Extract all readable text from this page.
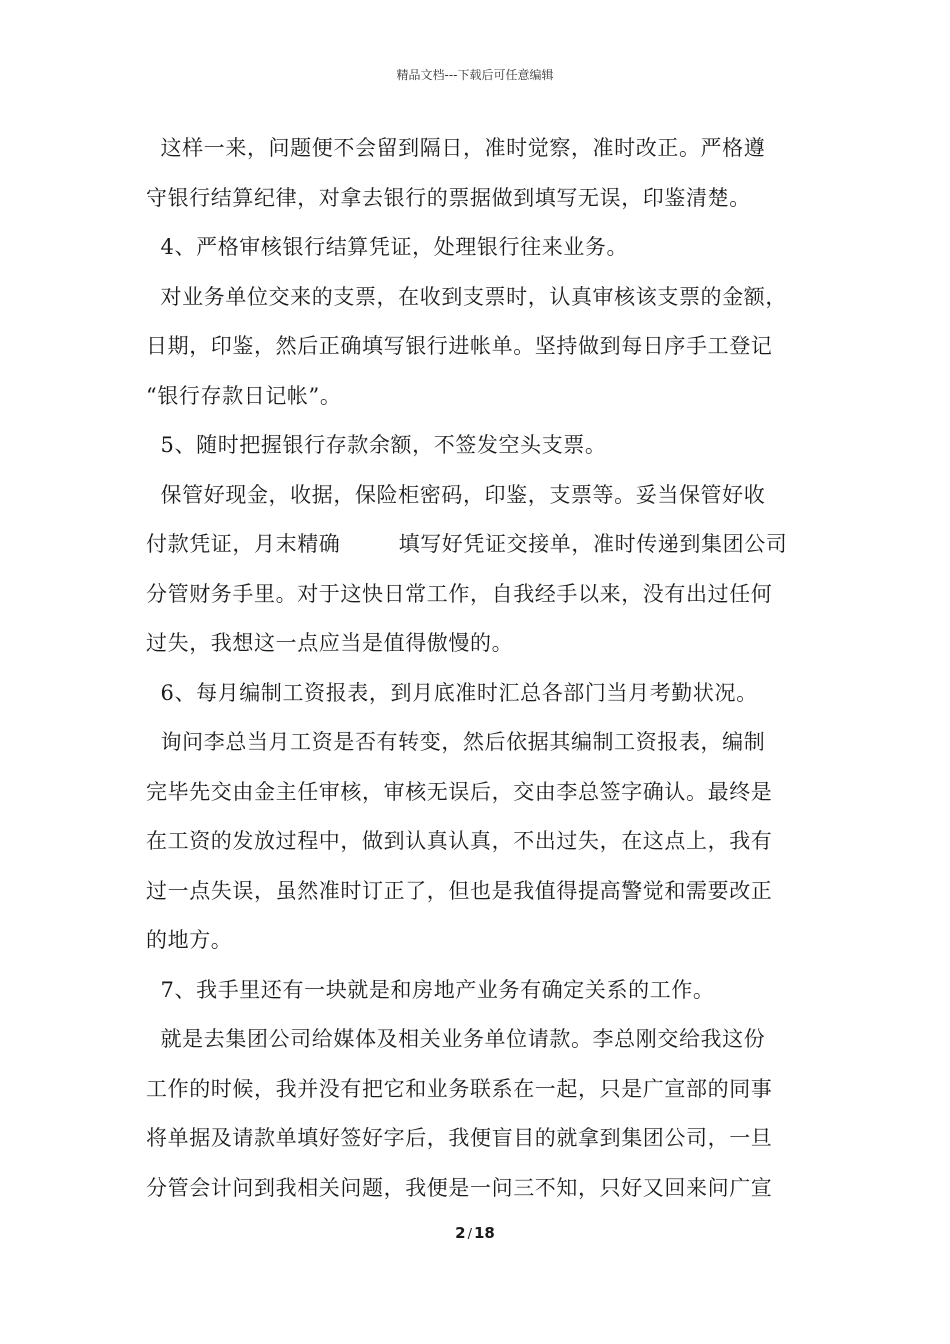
精品文档---下载后可任意编辑
这样一来，问题便不会留到隔日，准时觉察，准时改正。严格遵
守银行结算纪律，对拿去银行的票据做到填写无误，印鉴清楚。
4、严格审核银行结算凭证，处理银行往来业务。
对业务单位交来的支票，在收到支票时，认真审核该支票的金额，
日期，印鉴，然后正确填写银行进帐单。坚持做到每日序手工登记
“银行存款日记帐”。
5、随时把握银行存款余额，不签发空头支票。
保管好现金，收据，保险柜密码，印鉴，支票等。妥当保管好收
付款凭证，月末精确        填写好凭证交接单，准时传递到集团公司
分管财务手里。对于这快日常工作，自我经手以来，没有出过任何
过失，我想这一点应当是值得傲慢的。
6、每月编制工资报表，到月底准时汇总各部门当月考勤状况。
询问李总当月工资是否有转变，然后依据其编制工资报表，编制
完毕先交由金主任审核，审核无误后，交由李总签字确认。最终是
在工资的发放过程中，做到认真认真，不出过失，在这点上，我有
过一点失误，虽然准时订正了，但也是我值得提高警觉和需要改正
的地方。
7、我手里还有一块就是和房地产业务有确定关系的工作。
就是去集团公司给媒体及相关业务单位请款。李总刚交给我这份
工作的时候，我并没有把它和业务联系在一起，只是广宣部的同事
将单据及请款单填好签好字后，我便盲目的就拿到集团公司，一旦
分管会计问到我相关问题，我便是一问三不知，只好又回来问广宣
2 / 18
